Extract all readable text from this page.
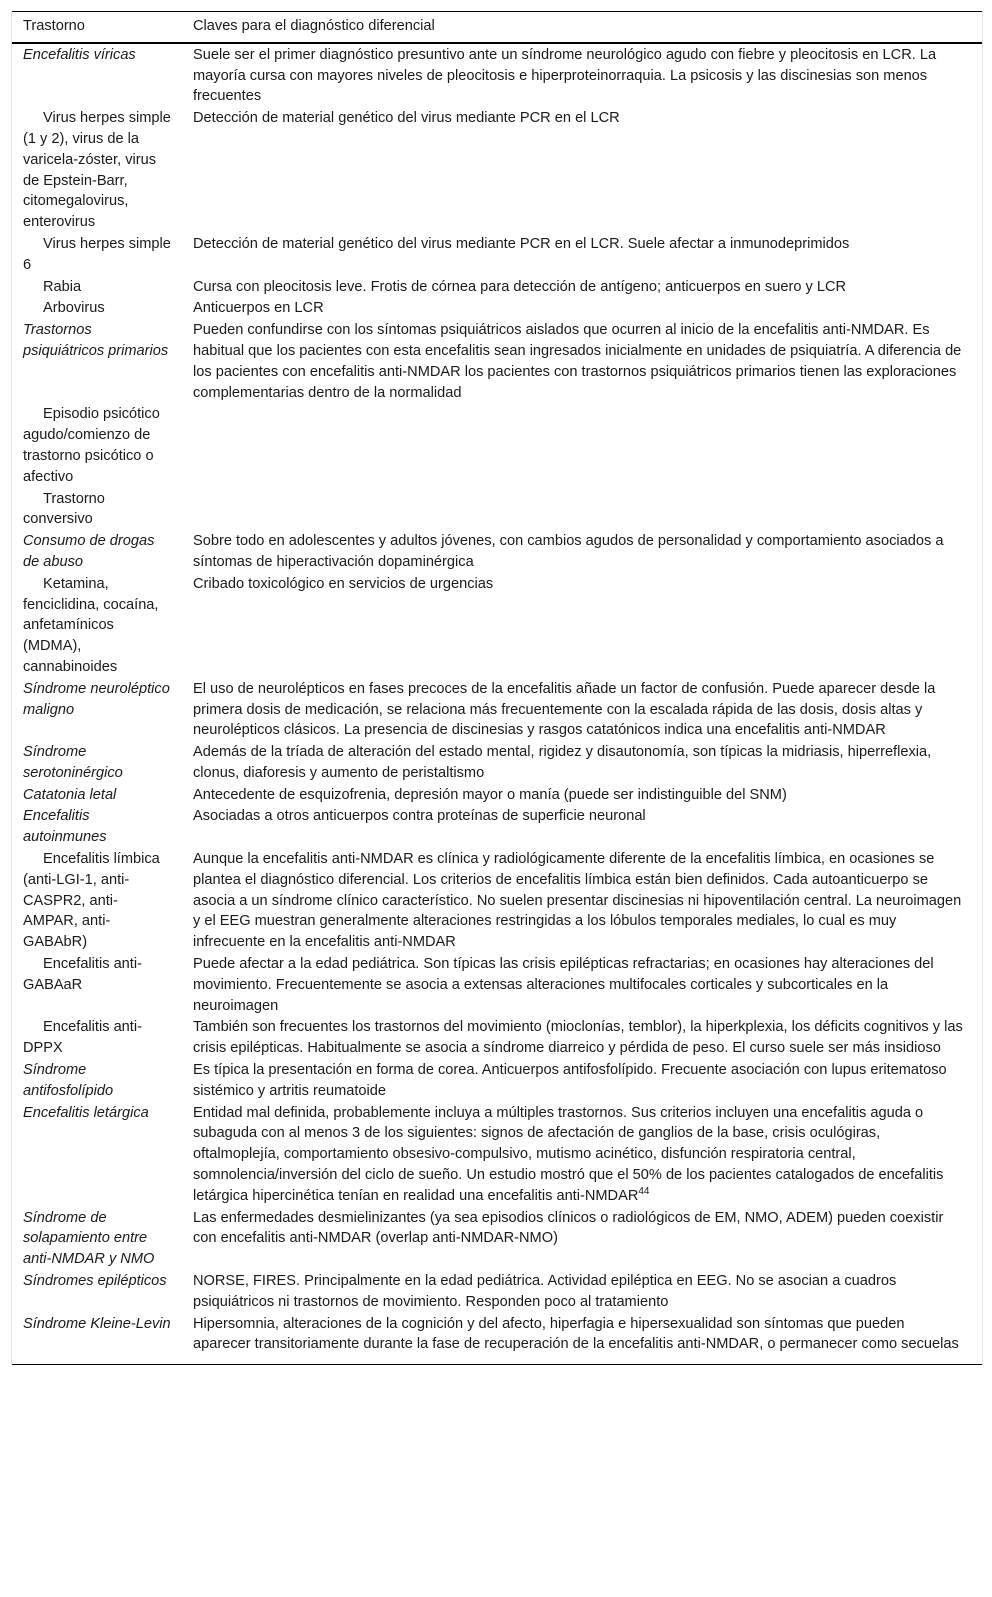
Trastorno	Claves para el diagnóstico diferencial
Encefalitis víricas	Suele ser el primer diagnóstico presuntivo ante un síndrome neurológico agudo con fiebre y pleocitosis en LCR. La mayoría cursa con mayores niveles de pleocitosis e hiperproteinorraquia. La psicosis y las discinesias son menos frecuentes
Virus herpes simple (1 y 2), virus de la varicela-zóster, virus de Epstein-Barr, citomegalovirus, enterovirus	Detección de material genético del virus mediante PCR en el LCR
Virus herpes simple 6	Detección de material genético del virus mediante PCR en el LCR. Suele afectar a inmunodeprimidos
Rabia	Cursa con pleocitosis leve. Frotis de córnea para detección de antígeno; anticuerpos en suero y LCR
Arbovirus	Anticuerpos en LCR
Trastornos psiquiátricos primarios	Pueden confundirse con los síntomas psiquiátricos aislados que ocurren al inicio de la encefalitis anti-NMDAR. Es habitual que los pacientes con esta encefalitis sean ingresados inicialmente en unidades de psiquiatría. A diferencia de los pacientes con encefalitis anti-NMDAR los pacientes con trastornos psiquiátricos primarios tienen las exploraciones complementarias dentro de la normalidad
Episodio psicótico agudo/comienzo de trastorno psicótico o afectivo	
Trastorno conversivo	
Consumo de drogas de abuso	Sobre todo en adolescentes y adultos jóvenes, con cambios agudos de personalidad y comportamiento asociados a síntomas de hiperactivación dopaminérgica
Ketamina, fenciclidina, cocaína, anfetamínicos (MDMA), cannabinoides	Cribado toxicológico en servicios de urgencias
Síndrome neuroléptico maligno	El uso de neurolépticos en fases precoces de la encefalitis añade un factor de confusión. Puede aparecer desde la primera dosis de medicación, se relaciona más frecuentemente con la escalada rápida de las dosis, dosis altas y neurolépticos clásicos. La presencia de discinesias y rasgos catatónicos indica una encefalitis anti-NMDAR
Síndrome serotoninérgico	Además de la tríada de alteración del estado mental, rigidez y disautonomía, son típicas la midriasis, hiperreflexia, clonus, diaforesis y aumento de peristaltismo
Catatonia letal	Antecedente de esquizofrenia, depresión mayor o manía (puede ser indistinguible del SNM)
Encefalitis autoinmunes	Asociadas a otros anticuerpos contra proteínas de superficie neuronal
Encefalitis límbica (anti-LGI-1, anti-CASPR2, anti-AMPAR, anti-GABAbR)	Aunque la encefalitis anti-NMDAR es clínica y radiológicamente diferente de la encefalitis límbica, en ocasiones se plantea el diagnóstico diferencial. Los criterios de encefalitis límbica están bien definidos. Cada autoanticuerpo se asocia a un síndrome clínico característico. No suelen presentar discinesias ni hipoventilación central. La neuroimagen y el EEG muestran generalmente alteraciones restringidas a los lóbulos temporales mediales, lo cual es muy infrecuente en la encefalitis anti-NMDAR
Encefalitis anti-GABAaR	Puede afectar a la edad pediátrica. Son típicas las crisis epilépticas refractarias; en ocasiones hay alteraciones del movimiento. Frecuentemente se asocia a extensas alteraciones multifocales corticales y subcorticales en la neuroimagen
Encefalitis anti-DPPX	También son frecuentes los trastornos del movimiento (mioclonías, temblor), la hiperkplexia, los déficits cognitivos y las crisis epilépticas. Habitualmente se asocia a síndrome diarreico y pérdida de peso. El curso suele ser más insidioso
Síndrome antifosfolípido	Es típica la presentación en forma de corea. Anticuerpos antifosfolípido. Frecuente asociación con lupus eritematoso sistémico y artritis reumatoide
Encefalitis letárgica	Entidad mal definida, probablemente incluya a múltiples trastornos. Sus criterios incluyen una encefalitis aguda o subaguda con al menos 3 de los siguientes: signos de afectación de ganglios de la base, crisis oculógiras, oftalmoplejía, comportamiento obsesivo-compulsivo, mutismo acinético, disfunción respiratoria central, somnolencia/inversión del ciclo de sueño. Un estudio mostró que el 50% de los pacientes catalogados de encefalitis letárgica hipercinética tenían en realidad una encefalitis anti-NMDAR$^{44}$
Síndrome de solapamiento entre anti-NMDAR y NMO	Las enfermedades desmielinizantes (ya sea episodios clínicos o radiológicos de EM, NMO, ADEM) pueden coexistir con encefalitis anti-NMDAR (overlap anti-NMDAR-NMO)
Síndromes epilépticos	NORSE, FIRES. Principalmente en la edad pediátrica. Actividad epiléptica en EEG. No se asocian a cuadros psiquiátricos ni trastornos de movimiento. Responden poco al tratamiento
Síndrome Kleine-Levin	Hipersomnia, alteraciones de la cognición y del afecto, hiperfagia e hipersexualidad son síntomas que pueden aparecer transitoriamente durante la fase de recuperación de la encefalitis anti-NMDAR, o permanecer como secuelas
